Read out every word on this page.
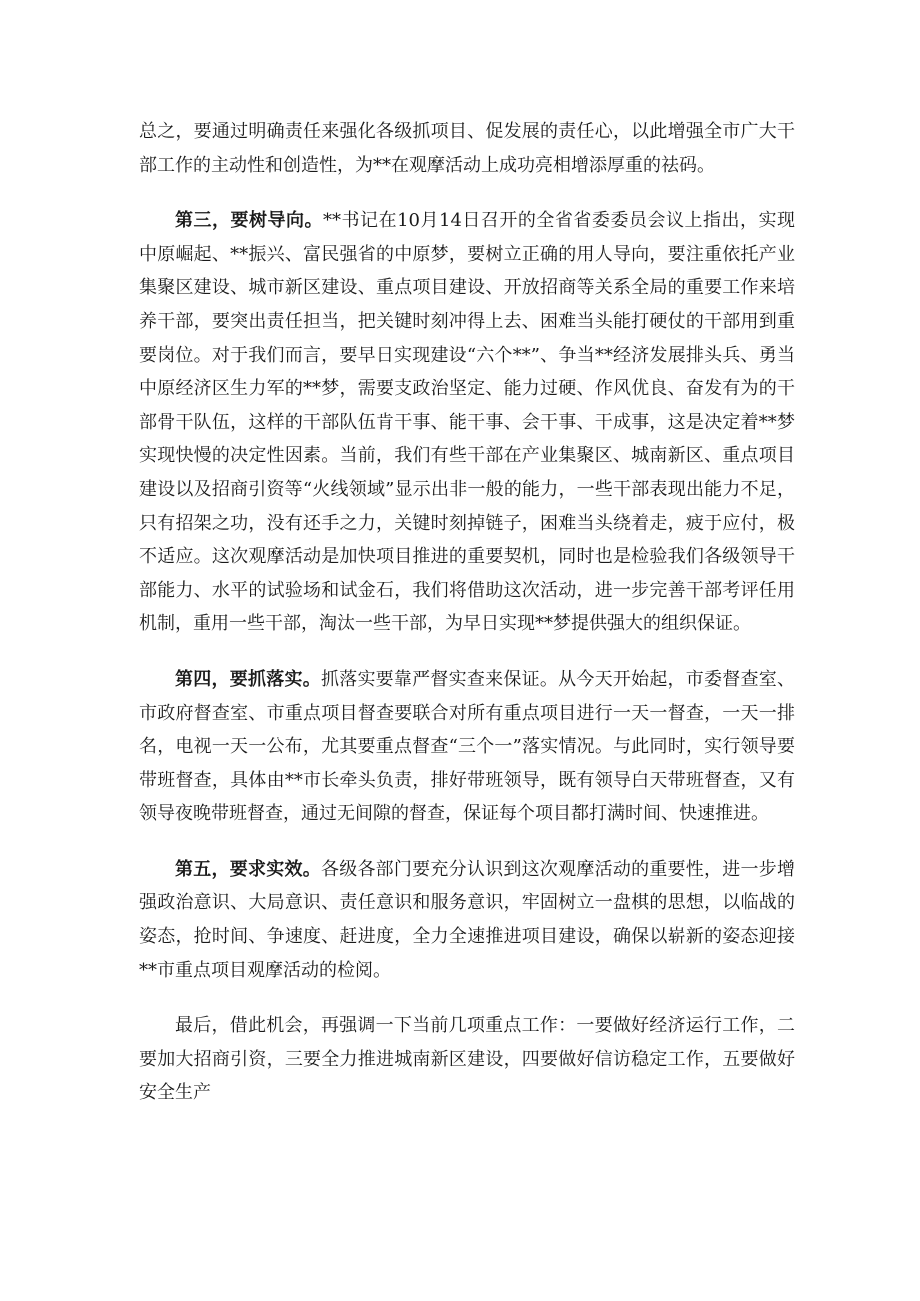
总之，要通过明确责任来强化各级抓项目、促发展的责任心，以此增强全市广大干部工作的主动性和创造性，为**在观摩活动上成功亮相增添厚重的祛码。

第三，要树导向。**书记在10月14日召开的全省省委委员会议上指出，实现中原崛起、**振兴、富民强省的中原梦，要树立正确的用人导向，要注重依托产业集聚区建设、城市新区建设、重点项目建设、开放招商等关系全局的重要工作来培养干部，要突出责任担当，把关键时刻冲得上去、困难当头能打硬仗的干部用到重要岗位。对于我们而言，要早日实现建设“六个**”、争当**经济发展排头兵、勇当中原经济区生力军的**梦，需要支政治坚定、能力过硬、作风优良、奋发有为的干部骨干队伍，这样的干部队伍肯干事、能干事、会干事、干成事，这是决定着**梦实现快慢的决定性因素。当前，我们有些干部在产业集聚区、城南新区、重点项目建设以及招商引资等“火线领域”显示出非一般的能力，一些干部表现出能力不足，只有招架之功，没有还手之力，关键时刻掉链子，困难当头绕着走，疲于应付，极不适应。这次观摩活动是加快项目推进的重要契机，同时也是检验我们各级领导干部能力、水平的试验场和试金石，我们将借助这次活动，进一步完善干部考评任用机制，重用一些干部，淘汰一些干部，为早日实现**梦提供强大的组织保证。

第四，要抓落实。抓落实要靠严督实查来保证。从今天开始起，市委督查室、市政府督查室、市重点项目督查要联合对所有重点项目进行一天一督查，一天一排名，电视一天一公布，尤其要重点督查“三个一”落实情况。与此同时，实行领导要带班督查，具体由**市长牵头负责，排好带班领导，既有领导白天带班督查，又有领导夜晚带班督查，通过无间隙的督查，保证每个项目都打满时间、快速推进。

第五，要求实效。各级各部门要充分认识到这次观摩活动的重要性，进一步增强政治意识、大局意识、责任意识和服务意识，牢固树立一盘棋的思想，以临战的姿态，抢时间、争速度、赶进度，全力全速推进项目建设，确保以崭新的姿态迎接**市重点项目观摩活动的检阅。

最后，借此机会，再强调一下当前几项重点工作：一要做好经济运行工作，二要加大招商引资，三要全力推进城南新区建设，四要做好信访稳定工作，五要做好安全生产
